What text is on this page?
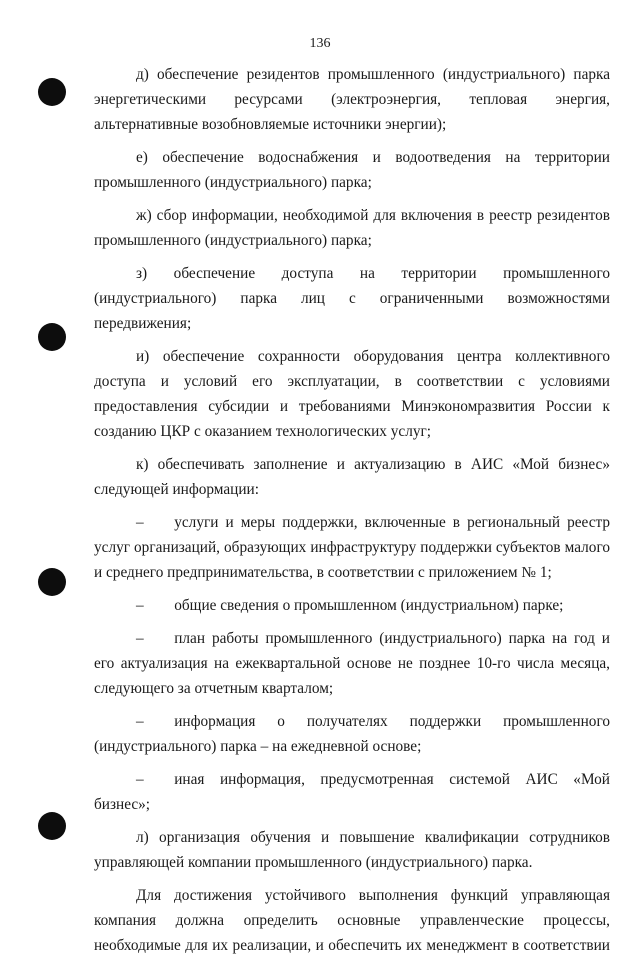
136

д) обеспечение резидентов промышленного (индустриального) парка энергетическими ресурсами (электроэнергия, тепловая энергия, альтернативные возобновляемые источники энергии);

е) обеспечение водоснабжения и водоотведения на территории промышленного (индустриального) парка;

ж) сбор информации, необходимой для включения в реестр резидентов промышленного (индустриального) парка;

з) обеспечение доступа на территории промышленного (индустриального) парка лиц с ограниченными возможностями передвижения;

и) обеспечение сохранности оборудования центра коллективного доступа и условий его эксплуатации, в соответствии с условиями предоставления субсидии и требованиями Минэкономразвития России к созданию ЦКР с оказанием технологических услуг;

к) обеспечивать заполнение и актуализацию в АИС «Мой бизнес» следующей информации:

–  услуги и меры поддержки, включенные в региональный реестр услуг организаций, образующих инфраструктуру поддержки субъектов малого и среднего предпринимательства, в соответствии с приложением № 1;

–  общие сведения о промышленном (индустриальном) парке;

–  план работы промышленного (индустриального) парка на год и его актуализация на ежеквартальной основе не позднее 10-го числа месяца, следующего за отчетным кварталом;

–  информация о получателях поддержки промышленного (индустриального) парка – на ежедневной основе;

–  иная информация, предусмотренная системой АИС «Мой бизнес»;

л) организация обучения и повышение квалификации сотрудников управляющей компании промышленного (индустриального) парка.

Для достижения устойчивого выполнения функций управляющая компания должна определить основные управленческие процессы, необходимые для их реализации, и обеспечить их менеджмент в соответствии
